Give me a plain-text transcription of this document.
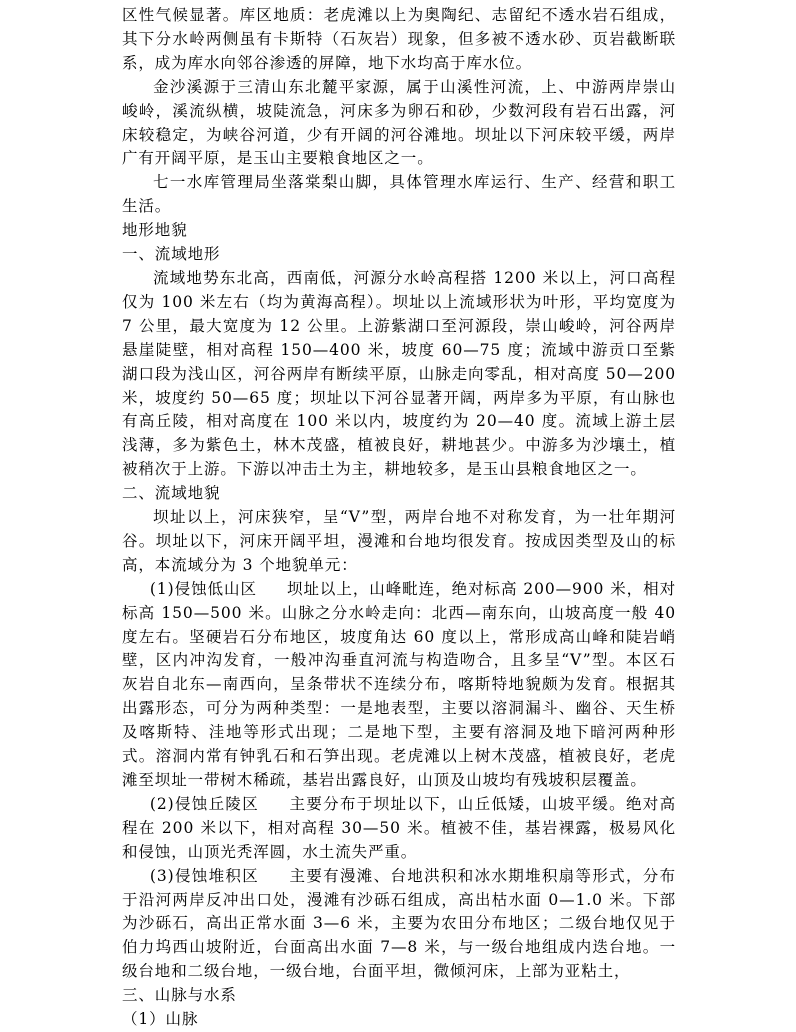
区性气候显著。库区地质：老虎滩以上为奥陶纪、志留纪不透水岩石组成，其下分水岭两侧虽有卡斯特（石灰岩）现象，但多被不透水砂、页岩截断联系，成为库水向邻谷渗透的屏障，地下水均高于库水位。

金沙溪源于三清山东北麓平家源，属于山溪性河流，上、中游两岸崇山峻岭，溪流纵横，坡陡流急，河床多为卵石和砂，少数河段有岩石出露，河床较稳定，为峡谷河道，少有开阔的河谷滩地。坝址以下河床较平缓，两岸广有开阔平原，是玉山主要粮食地区之一。

七一水库管理局坐落棠梨山脚，具体管理水库运行、生产、经营和职工生活。

地形地貌

一、流域地形

流域地势东北高，西南低，河源分水岭高程搭 1200 米以上，河口高程仅为 100 米左右（均为黄海高程）。坝址以上流域形状为叶形，平均宽度为 7 公里，最大宽度为 12 公里。上游紫湖口至河源段，崇山峻岭，河谷两岸悬崖陡壁，相对高程 150—400 米，坡度 60—75 度；流域中游贡口至紫湖口段为浅山区，河谷两岸有断续平原，山脉走向零乱，相对高度 50—200 米，坡度约 50—65 度；坝址以下河谷显著开阔，两岸多为平原，有山脉也有高丘陵，相对高度在 100 米以内，坡度约为 20—40 度。流域上游土层浅薄，多为紫色土，林木茂盛，植被良好，耕地甚少。中游多为沙壤土，植被稍次于上游。下游以冲击土为主，耕地较多，是玉山县粮食地区之一。

二、流域地貌

坝址以上，河床狭窄，呈“V”型，两岸台地不对称发育，为一壮年期河谷。坝址以下，河床开阔平坦，漫滩和台地均很发育。按成因类型及山的标高，本流域分为 3 个地貌单元：

(1)侵蚀低山区 坝址以上，山峰毗连，绝对标高 200—900 米，相对标高 150—500 米。山脉之分水岭走向：北西—南东向，山坡高度一般 40 度左右。坚硬岩石分布地区，坡度角达 60 度以上，常形成高山峰和陡岩峭壁，区内冲沟发育，一般冲沟垂直河流与构造吻合，且多呈“V”型。本区石灰岩自北东—南西向，呈条带状不连续分布，喀斯特地貌颇为发育。根据其出露形态，可分为两种类型：一是地表型，主要以溶洞漏斗、幽谷、天生桥及喀斯特、洼地等形式出现；二是地下型，主要有溶洞及地下暗河两种形式。溶洞内常有钟乳石和石笋出现。老虎滩以上树木茂盛，植被良好，老虎滩至坝址一带树木稀疏，基岩出露良好，山顶及山坡均有残坡积层覆盖。

(2)侵蚀丘陵区 主要分布于坝址以下，山丘低矮，山坡平缓。绝对高程在 200 米以下，相对高程 30—50 米。植被不佳，基岩裸露，极易风化和侵蚀，山顶光秃浑圆，水土流失严重。

(3)侵蚀堆积区 主要有漫滩、台地洪积和冰水期堆积扇等形式，分布于沿河两岸反冲出口处，漫滩有沙砾石组成，高出枯水面 0—1.0 米。下部为沙砾石，高出正常水面 3—6 米，主要为农田分布地区；二级台地仅见于伯力坞西山坡附近，台面高出水面 7—8 米，与一级台地组成内迭台地。一级台地和二级台地，一级台地，台面平坦，微倾河床，上部为亚粘土，

三、山脉与水系

（1）山脉
